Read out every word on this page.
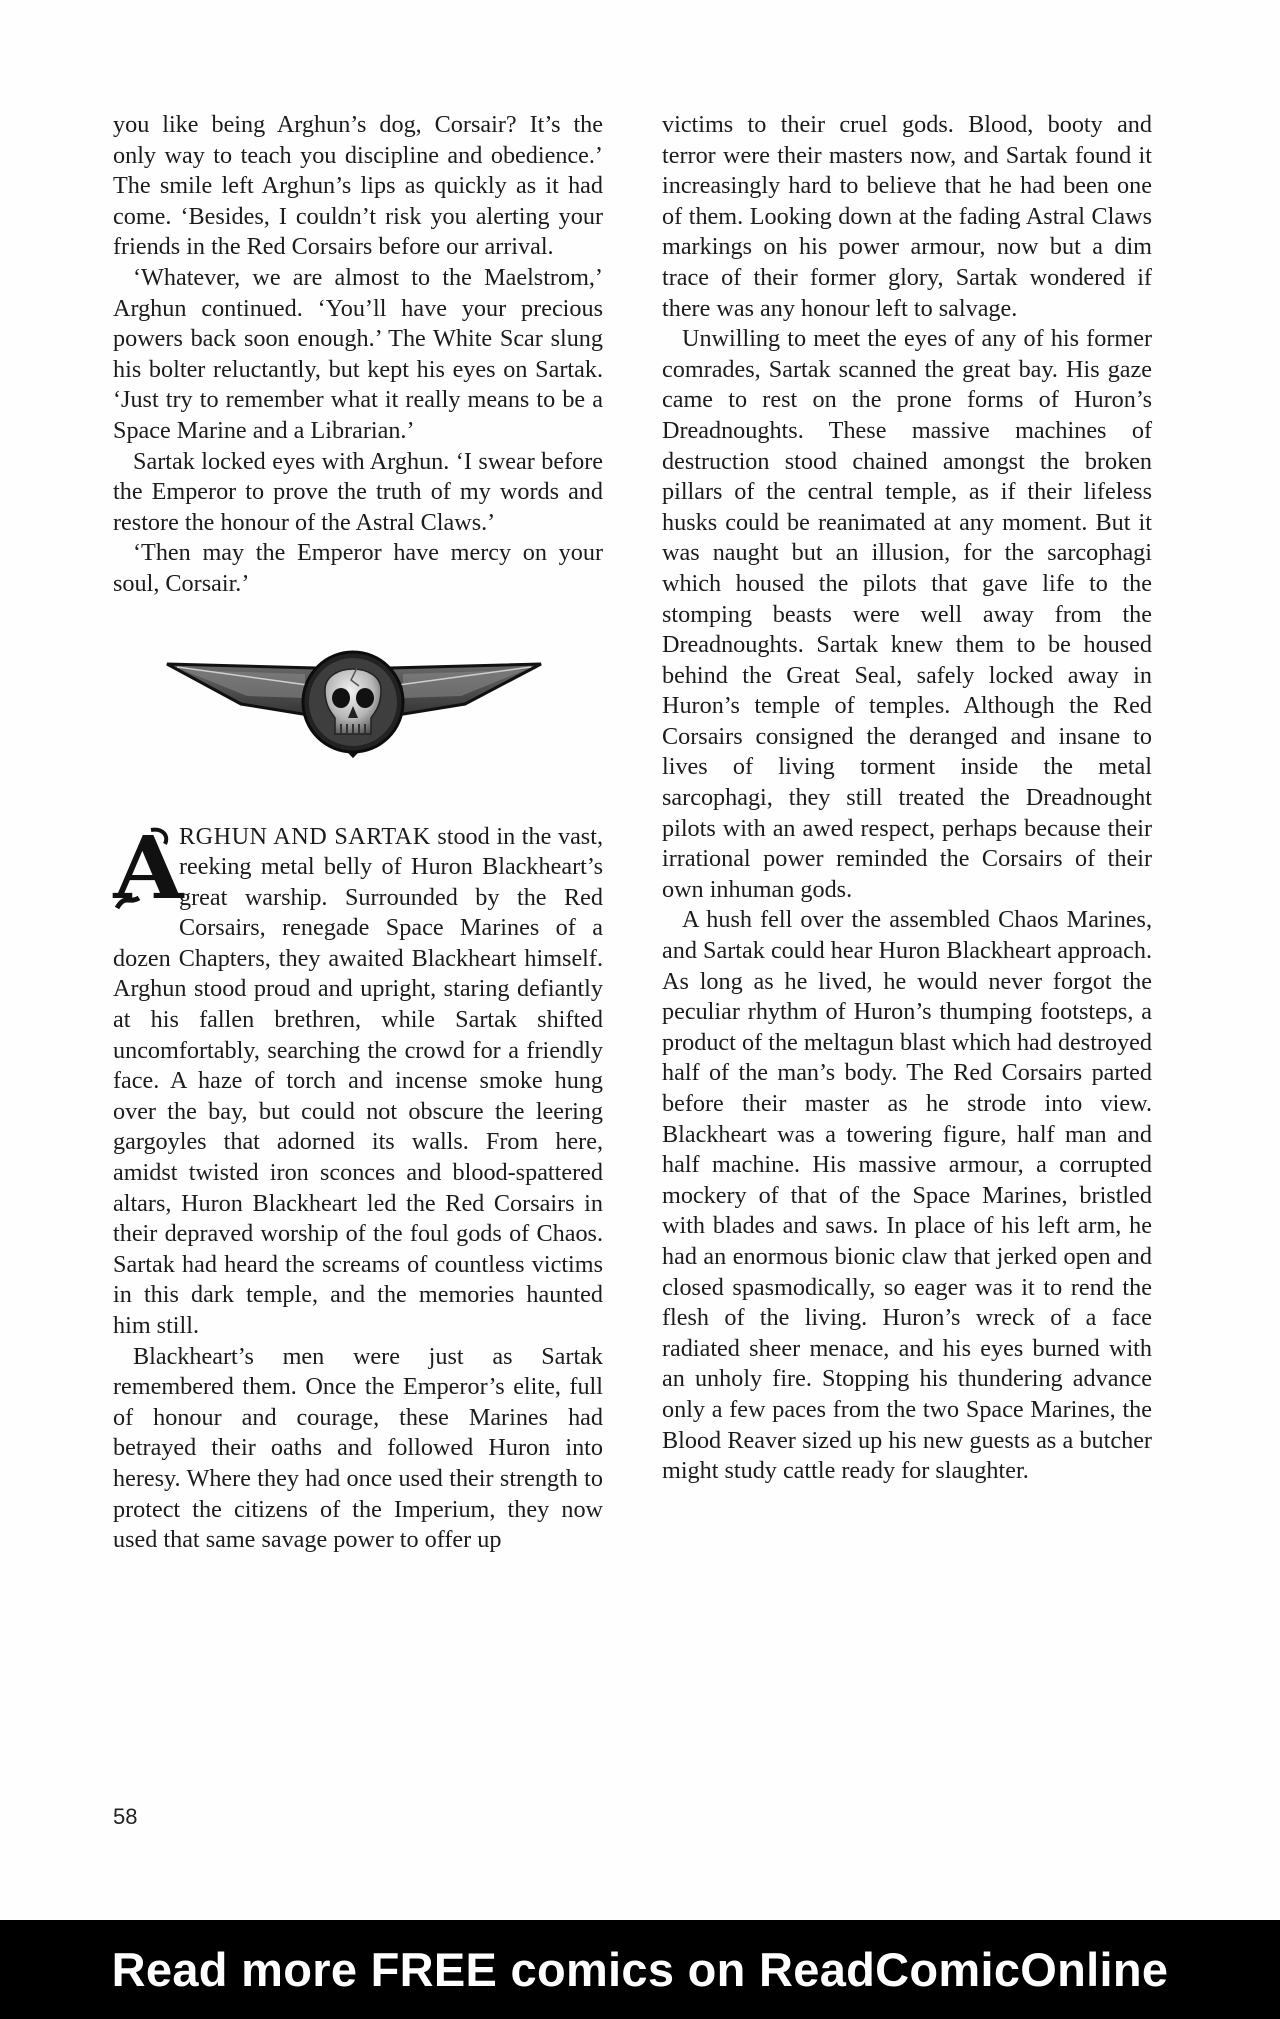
you like being Arghun’s dog, Corsair? It’s the only way to teach you discipline and obedience.’ The smile left Arghun’s lips as quickly as it had come. ‘Besides, I couldn’t risk you alerting your friends in the Red Corsairs before our arrival.

‘Whatever, we are almost to the Maelstrom,’ Arghun continued. ‘You’ll have your precious powers back soon enough.’ The White Scar slung his bolter reluctantly, but kept his eyes on Sartak. ‘Just try to remember what it really means to be a Space Marine and a Librarian.’

Sartak locked eyes with Arghun. ‘I swear before the Emperor to prove the truth of my words and restore the honour of the Astral Claws.’

‘Then may the Emperor have mercy on your soul, Corsair.’

A
RGHUN AND SARTAK stood in the vast, reeking metal belly of Huron Blackheart’s great warship. Surrounded by the Red Corsairs, renegade Space Marines of a dozen Chapters, they awaited Blackheart himself. Arghun stood proud and upright, staring defiantly at his fallen brethren, while Sartak shifted uncomfortably, searching the crowd for a friendly face. A haze of torch and incense smoke hung over the bay, but could not obscure the leering gargoyles that adorned its walls. From here, amidst twisted iron sconces and blood-spattered altars, Huron Blackheart led the Red Corsairs in their depraved worship of the foul gods of Chaos. Sartak had heard the screams of countless victims in this dark temple, and the memories haunted him still.

Blackheart’s men were just as Sartak remembered them. Once the Emperor’s elite, full of honour and courage, these Marines had betrayed their oaths and followed Huron into heresy. Where they had once used their strength to protect the citizens of the Imperium, they now used that same savage power to offer up

victims to their cruel gods. Blood, booty and terror were their masters now, and Sartak found it increasingly hard to believe that he had been one of them. Looking down at the fading Astral Claws markings on his power armour, now but a dim trace of their former glory, Sartak wondered if there was any honour left to salvage.

Unwilling to meet the eyes of any of his former comrades, Sartak scanned the great bay. His gaze came to rest on the prone forms of Huron’s Dreadnoughts. These massive machines of destruction stood chained amongst the broken pillars of the central temple, as if their lifeless husks could be reanimated at any moment. But it was naught but an illusion, for the sarcophagi which housed the pilots that gave life to the stomping beasts were well away from the Dreadnoughts. Sartak knew them to be housed behind the Great Seal, safely locked away in Huron’s temple of temples. Although the Red Corsairs consigned the deranged and insane to lives of living torment inside the metal sarcophagi, they still treated the Dreadnought pilots with an awed respect, perhaps because their irrational power reminded the Corsairs of their own inhuman gods.

A hush fell over the assembled Chaos Marines, and Sartak could hear Huron Blackheart approach. As long as he lived, he would never forgot the peculiar rhythm of Huron’s thumping footsteps, a product of the meltagun blast which had destroyed half of the man’s body. The Red Corsairs parted before their master as he strode into view. Blackheart was a towering figure, half man and half machine. His massive armour, a corrupted mockery of that of the Space Marines, bristled with blades and saws. In place of his left arm, he had an enormous bionic claw that jerked open and closed spasmodically, so eager was it to rend the flesh of the living. Huron’s wreck of a face radiated sheer menace, and his eyes burned with an unholy fire. Stopping his thundering advance only a few paces from the two Space Marines, the Blood Reaver sized up his new guests as a butcher might study cattle ready for slaughter.

58
Read more FREE comics on ReadComicOnline
